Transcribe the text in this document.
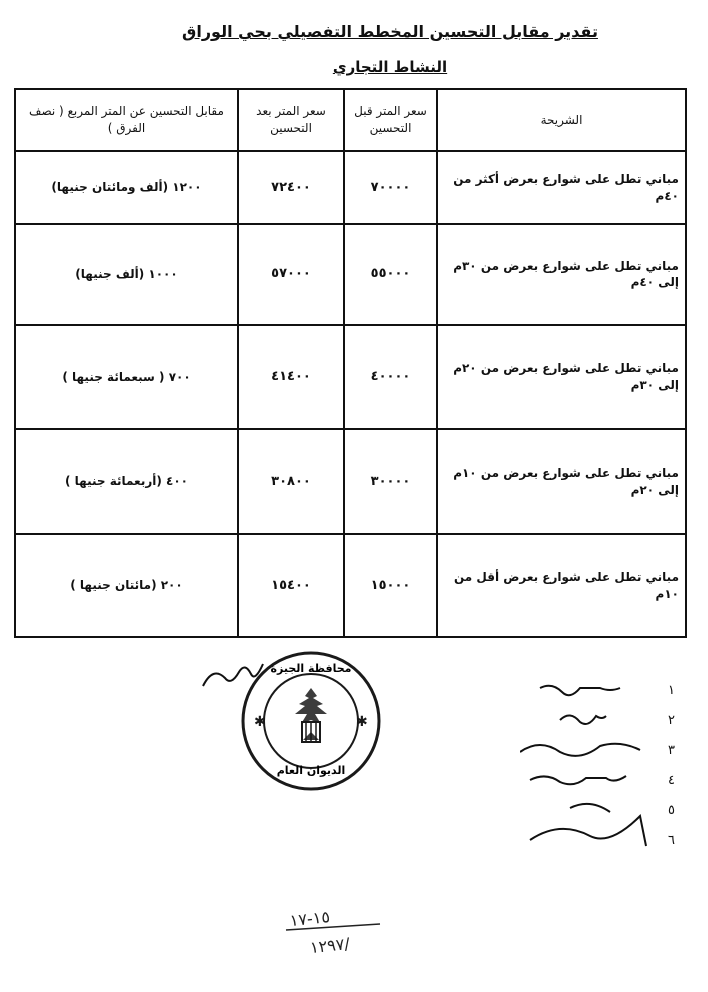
تقدير مقابل التحسين المخطط التفصيلي بحي الوراق
النشاط التجاري
الشريحة	سعر المتر قبل التحسين	سعر المتر بعد التحسين	مقابل التحسين عن المتر المربع ( نصف الفرق )
مباني تطل على شوارع بعرض أكثر من ٤٠م	٧٠٠٠٠	٧٢٤٠٠	١٢٠٠ (ألف ومائتان جنيها)
مباني تطل على شوارع بعرض من ٣٠م إلى ٤٠م	٥٥٠٠٠	٥٧٠٠٠	١٠٠٠ (ألف جنيها)
مباني تطل على شوارع بعرض من ٢٠م إلى ٣٠م	٤٠٠٠٠	٤١٤٠٠	٧٠٠ ( سبعمائة جنيها )
مباني تطل على شوارع بعرض من ١٠م إلى ٢٠م	٣٠٠٠٠	٣٠٨٠٠	٤٠٠ (أربعمائة جنيها )
مباني تطل على شوارع بعرض أقل من ١٠م	١٥٠٠٠	١٥٤٠٠	٢٠٠ (مائتان جنيها )
محافظة الجيزة
الديوان العام
✱	✱
١
٢
٣
٤
٥
٦
١٥-١٧
١٢٩٧/
